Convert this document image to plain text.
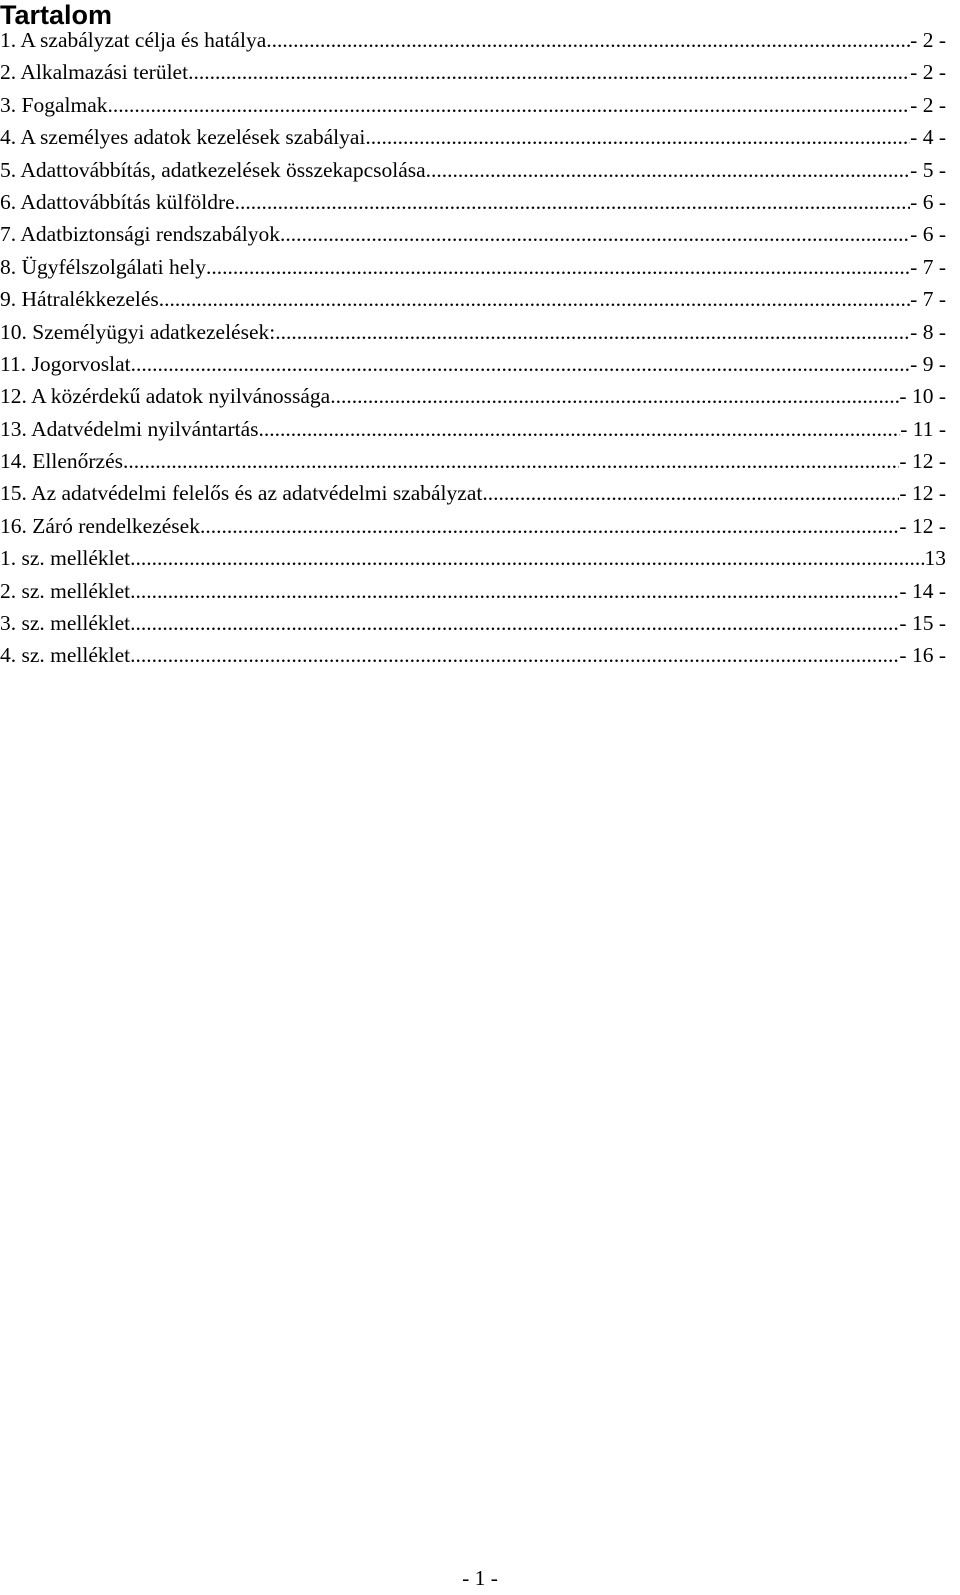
Tartalom
1. A szabályzat célja és hatálya .....	- 2 -
2. Alkalmazási terület .....	- 2 -
3. Fogalmak .....	- 2 -
4. A személyes adatok kezelések szabályai .....	- 4 -
5. Adattovábbítás, adatkezelések összekapcsolása .....	- 5 -
6. Adattovábbítás külföldre .....	- 6 -
7. Adatbiztonsági rendszabályok .....	- 6 -
8. Ügyfélszolgálati hely .....	- 7 -
9. Hátralékkezelés .....	- 7 -
10. Személyügyi adatkezelések: .....	- 8 -
11. Jogorvoslat .....	- 9 -
12. A közérdekű adatok nyilvánossága .....	- 10 -
13. Adatvédelmi nyilvántartás .....	- 11 -
14. Ellenőrzés .....	- 12 -
15. Az adatvédelmi felelős és az adatvédelmi szabályzat .....	- 12 -
16. Záró rendelkezések .....	- 12 -
1. sz. melléklet .....	13
2. sz. melléklet .....	- 14 -
3. sz. melléklet .....	- 15 -
4. sz. melléklet .....	- 16 -
- 1 -
